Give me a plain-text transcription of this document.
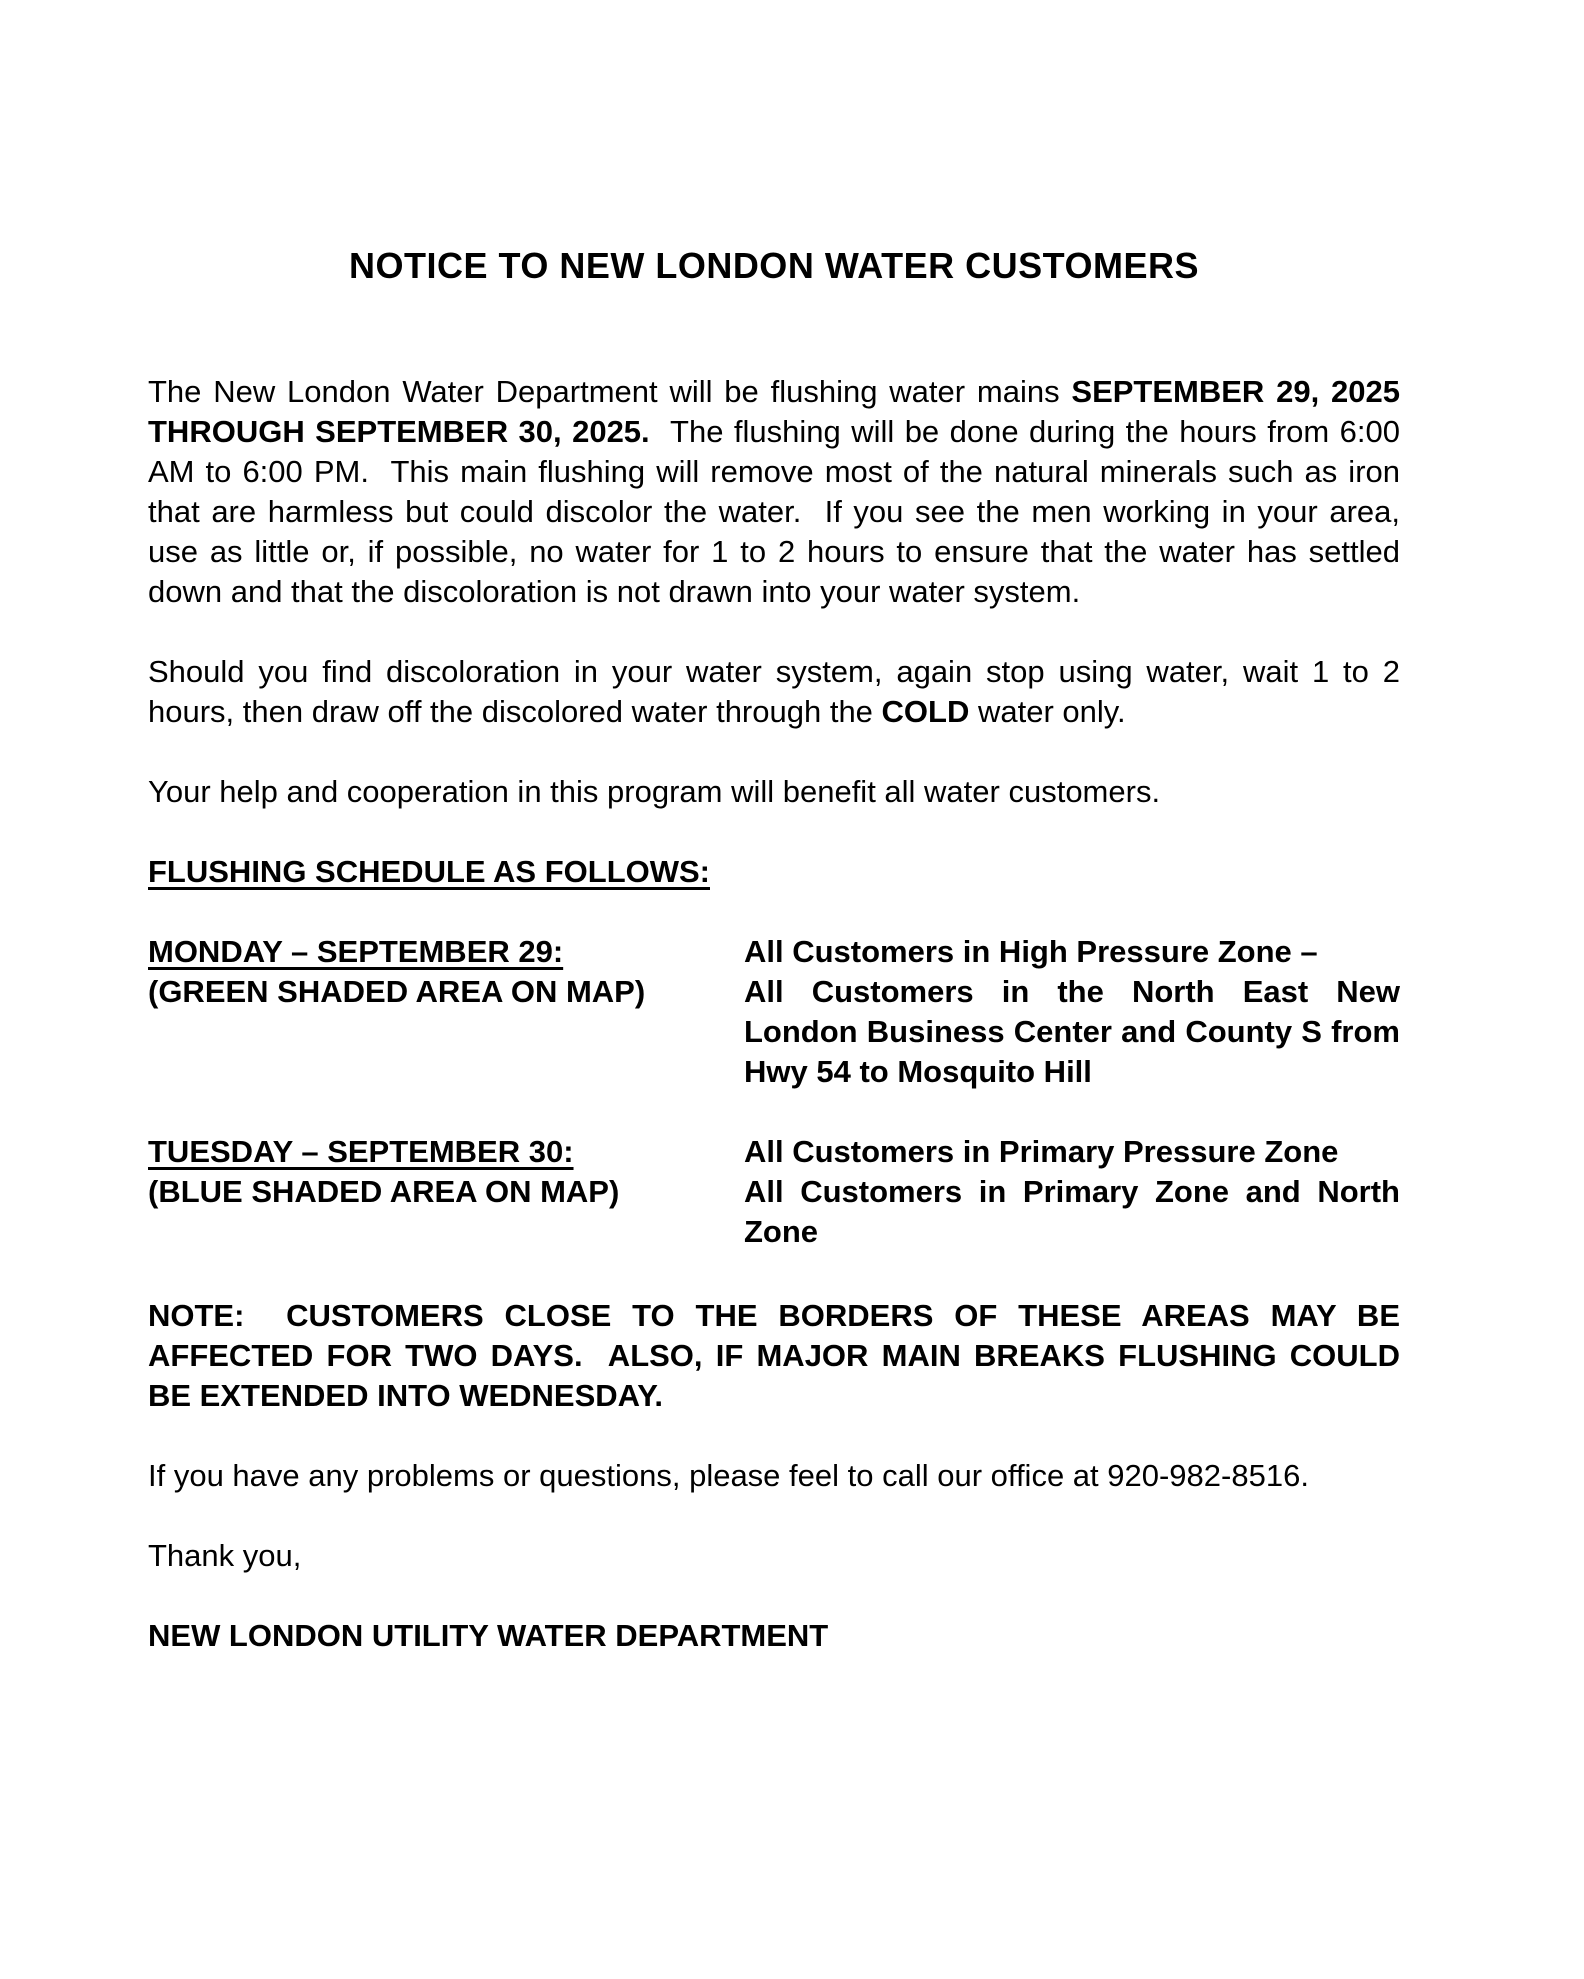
NOTICE TO NEW LONDON WATER CUSTOMERS

The New London Water Department will be flushing water mains SEPTEMBER 29, 2025 THROUGH SEPTEMBER 30, 2025.  The flushing will be done during the hours from 6:00 AM to 6:00 PM.  This main flushing will remove most of the natural minerals such as iron that are harmless but could discolor the water.  If you see the men working in your area, use as little or, if possible, no water for 1 to 2 hours to ensure that the water has settled down and that the discoloration is not drawn into your water system.

Should you find discoloration in your water system, again stop using water, wait 1 to 2 hours, then draw off the discolored water through the COLD water only.

Your help and cooperation in this program will benefit all water customers.

FLUSHING SCHEDULE AS FOLLOWS:
MONDAY – SEPTEMBER 29:
(GREEN SHADED AREA ON MAP)
All Customers in High Pressure Zone –
All Customers in the North East New London Business Center and County S from Hwy 54 to Mosquito Hill
TUESDAY – SEPTEMBER 30:
(BLUE SHADED AREA ON MAP)
All Customers in Primary Pressure Zone
All Customers in Primary Zone and North Zone

NOTE:  CUSTOMERS CLOSE TO THE BORDERS OF THESE AREAS MAY BE AFFECTED FOR TWO DAYS.  ALSO, IF MAJOR MAIN BREAKS FLUSHING COULD BE EXTENDED INTO WEDNESDAY.

If you have any problems or questions, please feel to call our office at 920-982-8516.

Thank you,
NEW LONDON UTILITY WATER DEPARTMENT
